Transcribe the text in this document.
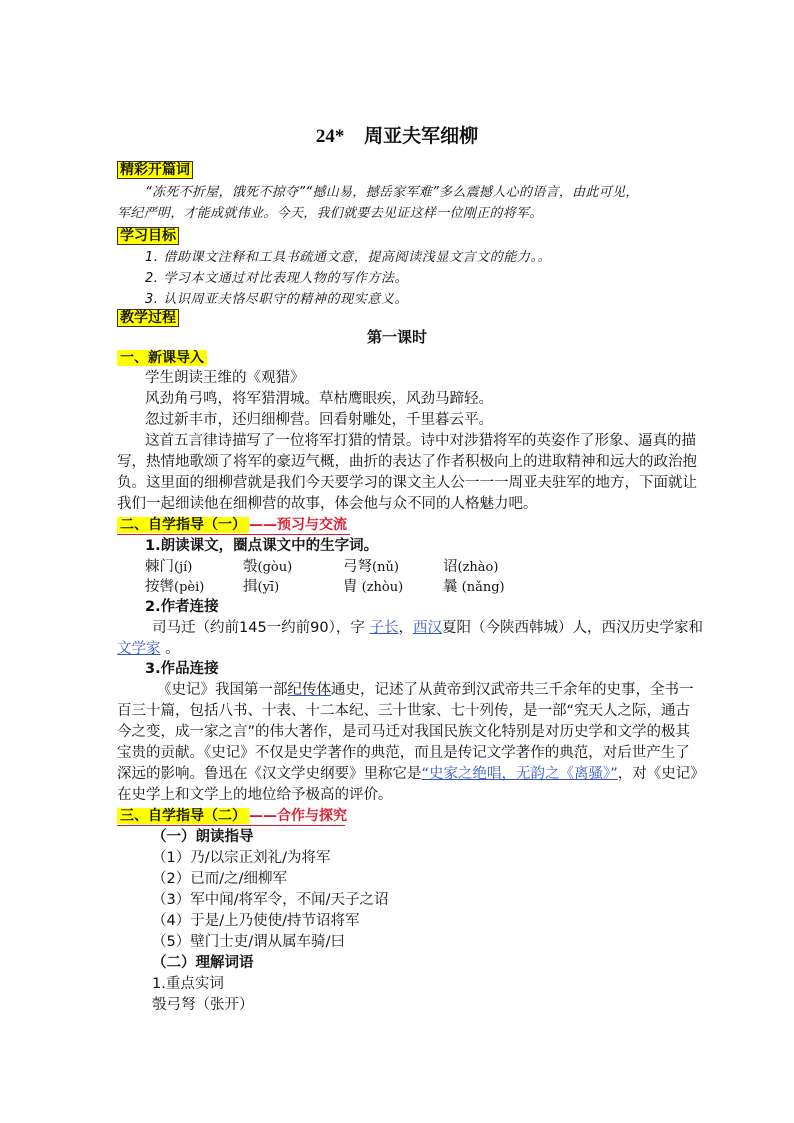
24* 周亚夫军细柳
精彩开篇词
“冻死不折屋，饿死不掠夺”“撼山易，撼岳家军难”多么震撼人心的语言，由此可见，
军纪严明，才能成就伟业。今天，我们就要去见证这样一位刚正的将军。
学习目标
1. 借助课文注释和工具书疏通文意，提高阅读浅显文言文的能力。。
2. 学习本文通过对比表现人物的写作方法。
3. 认识周亚夫恪尽职守的精神的现实意义。
教学过程
第一课时
一、新课导入
学生朗读王维的《观猎》
风劲角弓鸣，将军猎渭城。草枯鹰眼疾，风劲马蹄轻。
忽过新丰市，还归细柳营。回看射雕处，千里暮云平。
这首五言律诗描写了一位将军打猎的情景。诗中对涉猎将军的英姿作了形象、逼真的描
写，热情地歌颂了将军的豪迈气概，曲折的表达了作者积极向上的进取精神和远大的政治抱
负。这里面的细柳营就是我们今天要学习的课文主人公一一一周亚夫驻军的地方，下面就让
我们一起细读他在细柳营的故事，体会他与众不同的人格魅力吧。
二、自学指导（一） ——预习与交流
1.朗读课文，圈点课文中的生字词。
棘门(jí)	彀(gòu)	弓弩(nǔ)	诏(zhào)
按辔(pèi)	揖(yī)	胄 (zhòu)	曩 (nǎng)
2.作者连接
司马迁（约前145一约前90），字 子长，西汉夏阳（今陕西韩城）人，西汉历史学家和
文学家 。
3.作品连接
《史记》我国第一部纪传体通史，记述了从黄帝到汉武帝共三千余年的史事，全书一
百三十篇，包括八书、十表、十二本纪、三十世家、七十列传，是一部“究天人之际，通古
今之变，成一家之言”的伟大著作，是司马迁对我国民族文化特别是对历史学和文学的极其
宝贵的贡献。《史记》不仅是史学著作的典范，而且是传记文学著作的典范，对后世产生了
深远的影响。鲁迅在《汉文学史纲要》里称它是“史家之绝唱，无韵之《离骚》”，对《史记》
在史学上和文学上的地位给予极高的评价。
三、自学指导（二） ——合作与探究
（一）朗读指导
（1）乃/以宗正刘礼/为将军
（2）已而/之/细柳军
（3）军中闻/将军令，不闻/天子之诏
（4）于是/上乃使使/持节诏将军
（5）壁门士吏/谓从属车骑/曰
（二）理解词语
1.重点实词
彀弓弩（张开）
